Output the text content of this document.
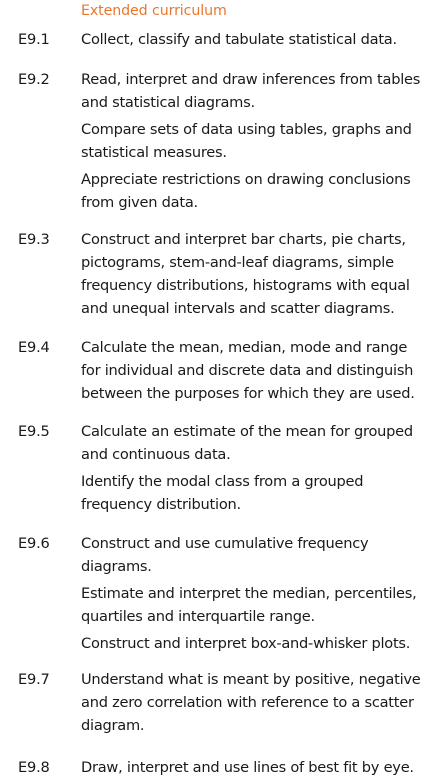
Extended curriculum
E9.1 Collect, classify and tabulate statistical data.
E9.2 Read, interpret and draw inferences from tables
and statistical diagrams.
Compare sets of data using tables, graphs and
statistical measures.
Appreciate restrictions on drawing conclusions
from given data.
E9.3 Construct and interpret bar charts, pie charts,
pictograms, stem-and-leaf diagrams, simple
frequency distributions, histograms with equal
and unequal intervals and scatter diagrams.
E9.4 Calculate the mean, median, mode and range
for individual and discrete data and distinguish
between the purposes for which they are used.
E9.5 Calculate an estimate of the mean for grouped
and continuous data.
Identify the modal class from a grouped
frequency distribution.
E9.6 Construct and use cumulative frequency
diagrams.
Estimate and interpret the median, percentiles,
quartiles and interquartile range.
Construct and interpret box-and-whisker plots.
E9.7 Understand what is meant by positive, negative
and zero correlation with reference to a scatter
diagram.
E9.8 Draw, interpret and use lines of best fit by eye.
